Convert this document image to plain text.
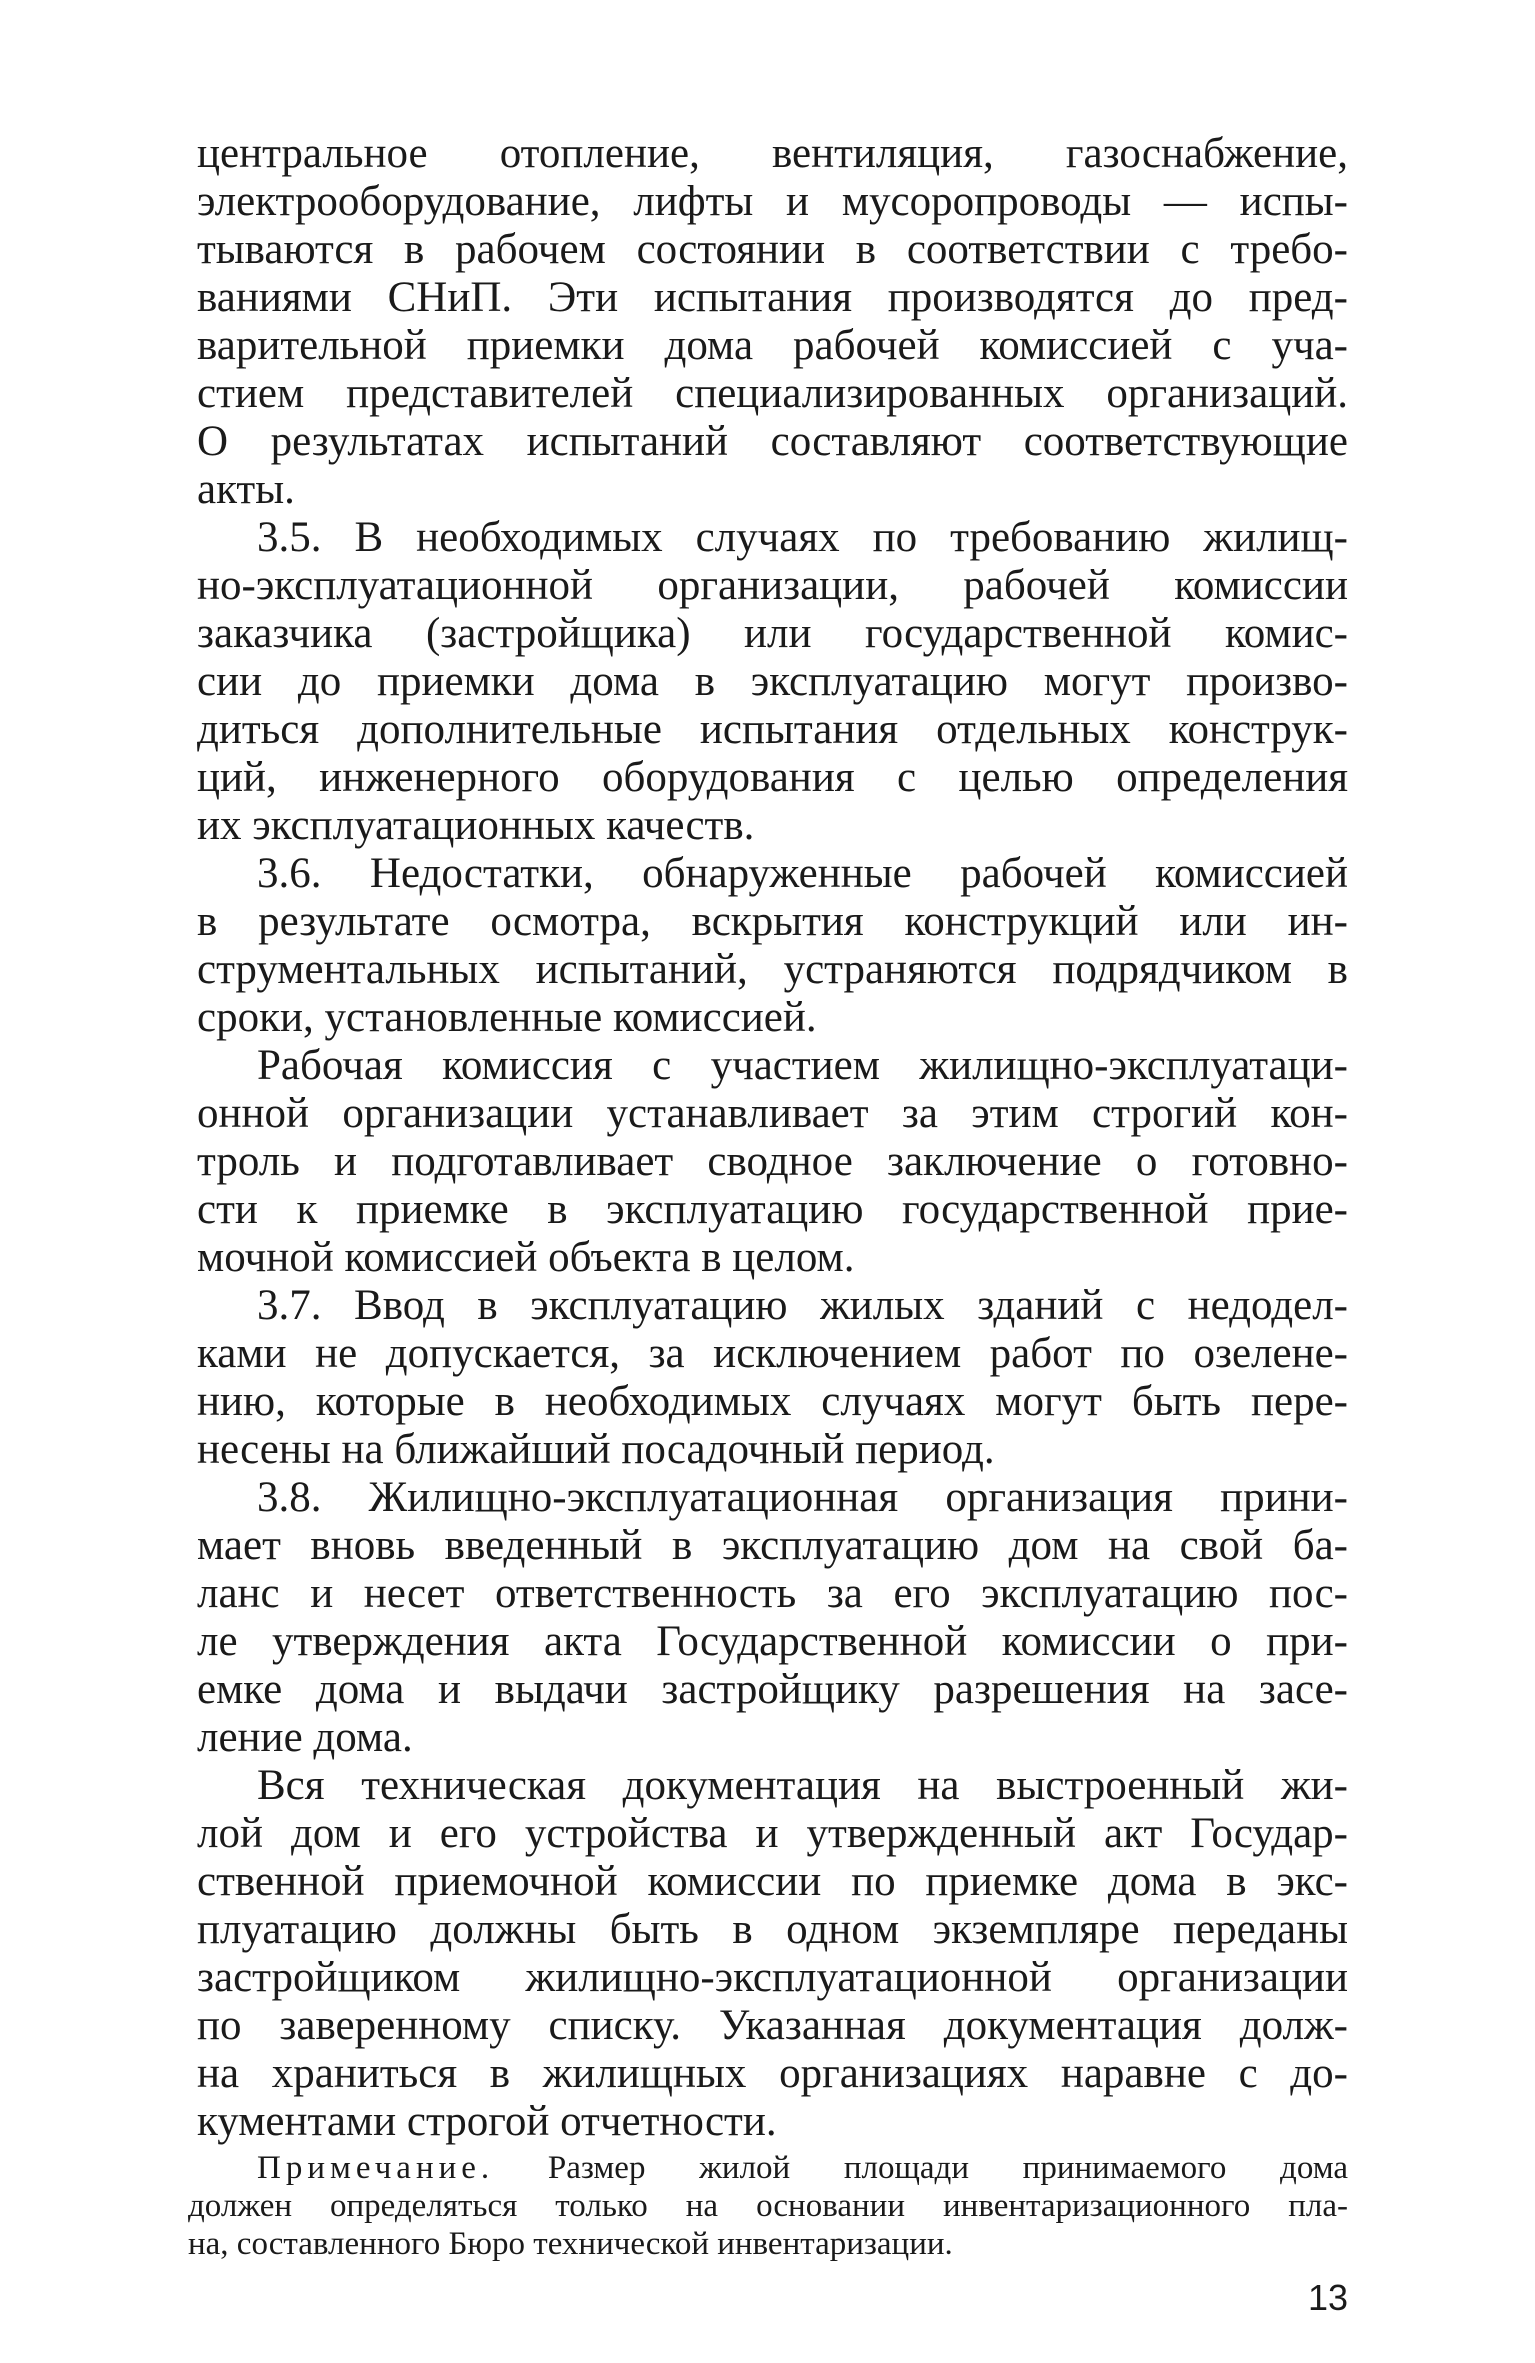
центральное отопление, вентиляция, газоснабжение,
электрооборудование, лифты и мусоропроводы — испы-
тываются в рабочем состоянии в соответствии с требо-
ваниями СНиП. Эти испытания производятся до пред-
варительной приемки дома рабочей комиссией с уча-
стием представителей специализированных организаций.
О результатах испытаний составляют соответствующие
акты.
3.5. В необходимых случаях по требованию жилищ-
но-эксплуатационной организации, рабочей комиссии
заказчика (застройщика) или государственной комис-
сии до приемки дома в эксплуатацию могут произво-
диться дополнительные испытания отдельных конструк-
ций, инженерного оборудования с целью определения
их эксплуатационных качеств.
3.6. Недостатки, обнаруженные рабочей комиссией
в результате осмотра, вскрытия конструкций или ин-
струментальных испытаний, устраняются подрядчиком в
сроки, установленные комиссией.
Рабочая комиссия с участием жилищно-эксплуатаци-
онной организации устанавливает за этим строгий кон-
троль и подготавливает сводное заключение о готовно-
сти к приемке в эксплуатацию государственной прие-
мочной комиссией объекта в целом.
3.7. Ввод в эксплуатацию жилых зданий с недодел-
ками не допускается, за исключением работ по озелене-
нию, которые в необходимых случаях могут быть пере-
несены на ближайший посадочный период.
3.8. Жилищно-эксплуатационная организация прини-
мает вновь введенный в эксплуатацию дом на свой ба-
ланс и несет ответственность за его эксплуатацию пос-
ле утверждения акта Государственной комиссии о при-
емке дома и выдачи застройщику разрешения на засе-
ление дома.
Вся техническая документация на выстроенный жи-
лой дом и его устройства и утвержденный акт Государ-
ственной приемочной комиссии по приемке дома в экс-
плуатацию должны быть в одном экземпляре переданы
застройщиком жилищно-эксплуатационной организации
по заверенному списку. Указанная документация долж-
на храниться в жилищных организациях наравне с до-
кументами строгой отчетности.
Примечание. Размер жилой площади принимаемого дома
должен определяться только на основании инвентаризационного пла-
на, составленного Бюро технической инвентаризации.
13
